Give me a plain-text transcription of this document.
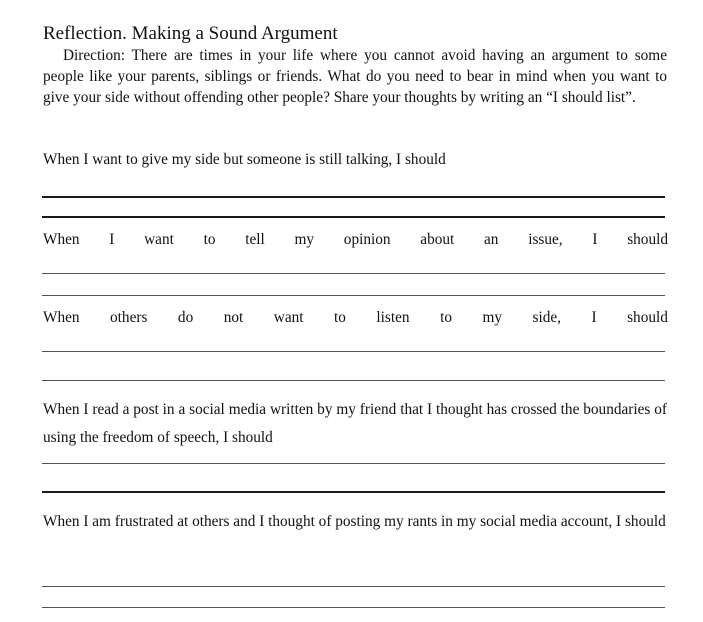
Reflection. Making a Sound Argument
Direction: There are times in your life where you cannot avoid having an argument to some people like your parents, siblings or friends. What do you need to bear in mind when you want to give your side without offending other people? Share your thoughts by writing an “I should list”.
When I want to give my side but someone is still talking, I should
When I want to tell my opinion about an issue, I should
When others do not want to listen to my side, I should
When I read a post in a social media written by my friend that I thought has crossed the boundaries of using the freedom of speech, I should
When I am frustrated at others and I thought of posting my rants in my social media account, I should
